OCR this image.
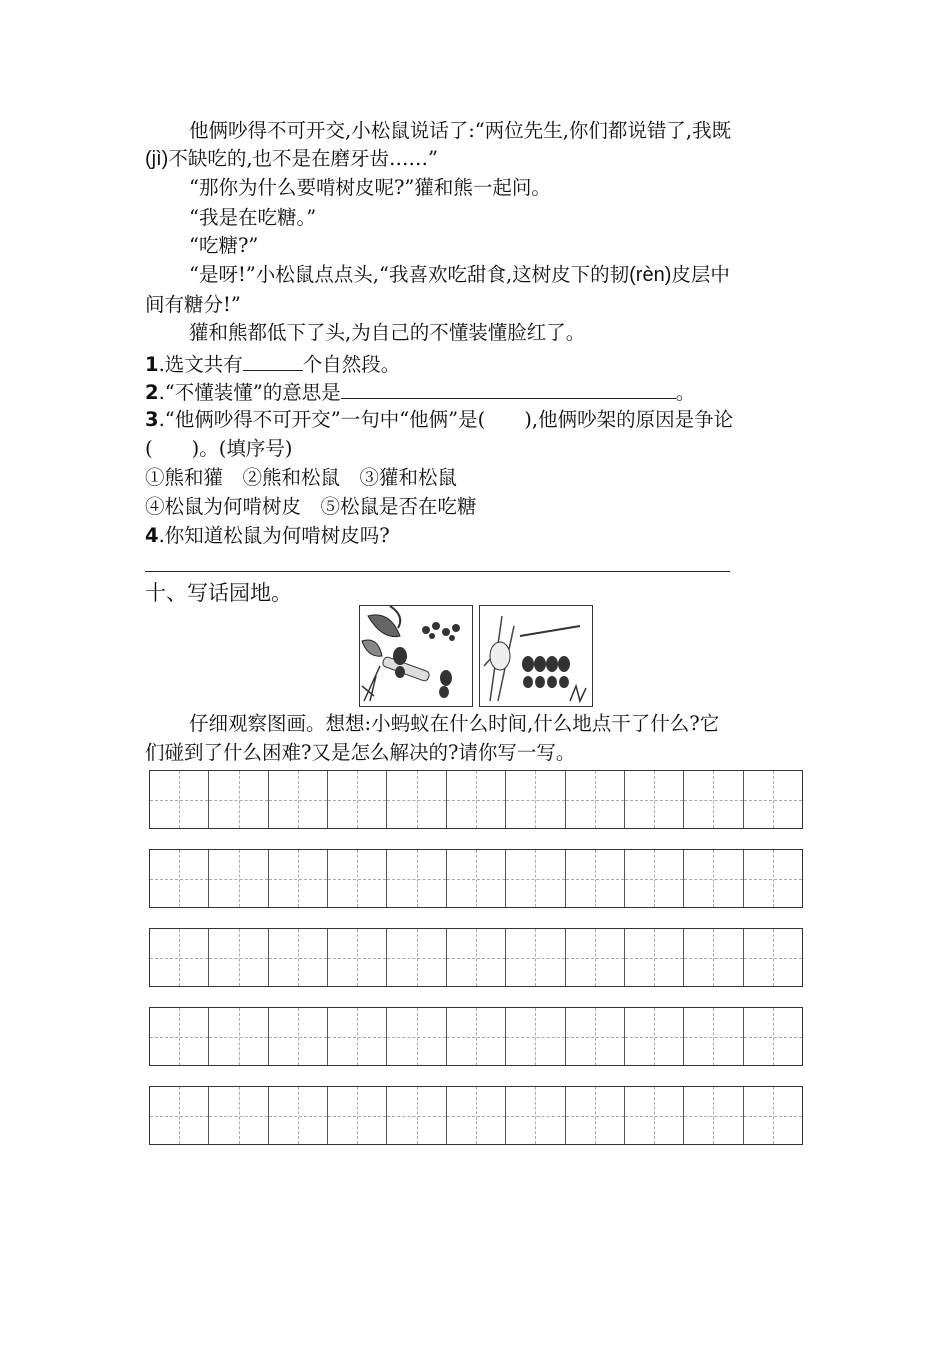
他俩吵得不可开交,小松鼠说话了:“两位先生,你们都说错了,我既
(jì)不缺吃的,也不是在磨牙齿……”
“那你为什么要啃树皮呢?”獾和熊一起问。
“我是在吃糖。”
“吃糖?”
“是呀!”小松鼠点点头,“我喜欢吃甜食,这树皮下的韧(rèn)皮层中
间有糖分!”
獾和熊都低下了头,为自己的不懂装懂脸红了。
1.选文共有	个自然段。
2.“不懂装懂”的意思是	。
3.“他俩吵得不可开交”一句中“他俩”是(　　),他俩吵架的原因是争论
(　　)。(填序号)
①熊和獾　②熊和松鼠　③獾和松鼠
④松鼠为何啃树皮　⑤松鼠是否在吃糖
4.你知道松鼠为何啃树皮吗?
十、写话园地。
仔细观察图画。想想:小蚂蚁在什么时间,什么地点干了什么?它
们碰到了什么困难?又是怎么解决的?请你写一写。
